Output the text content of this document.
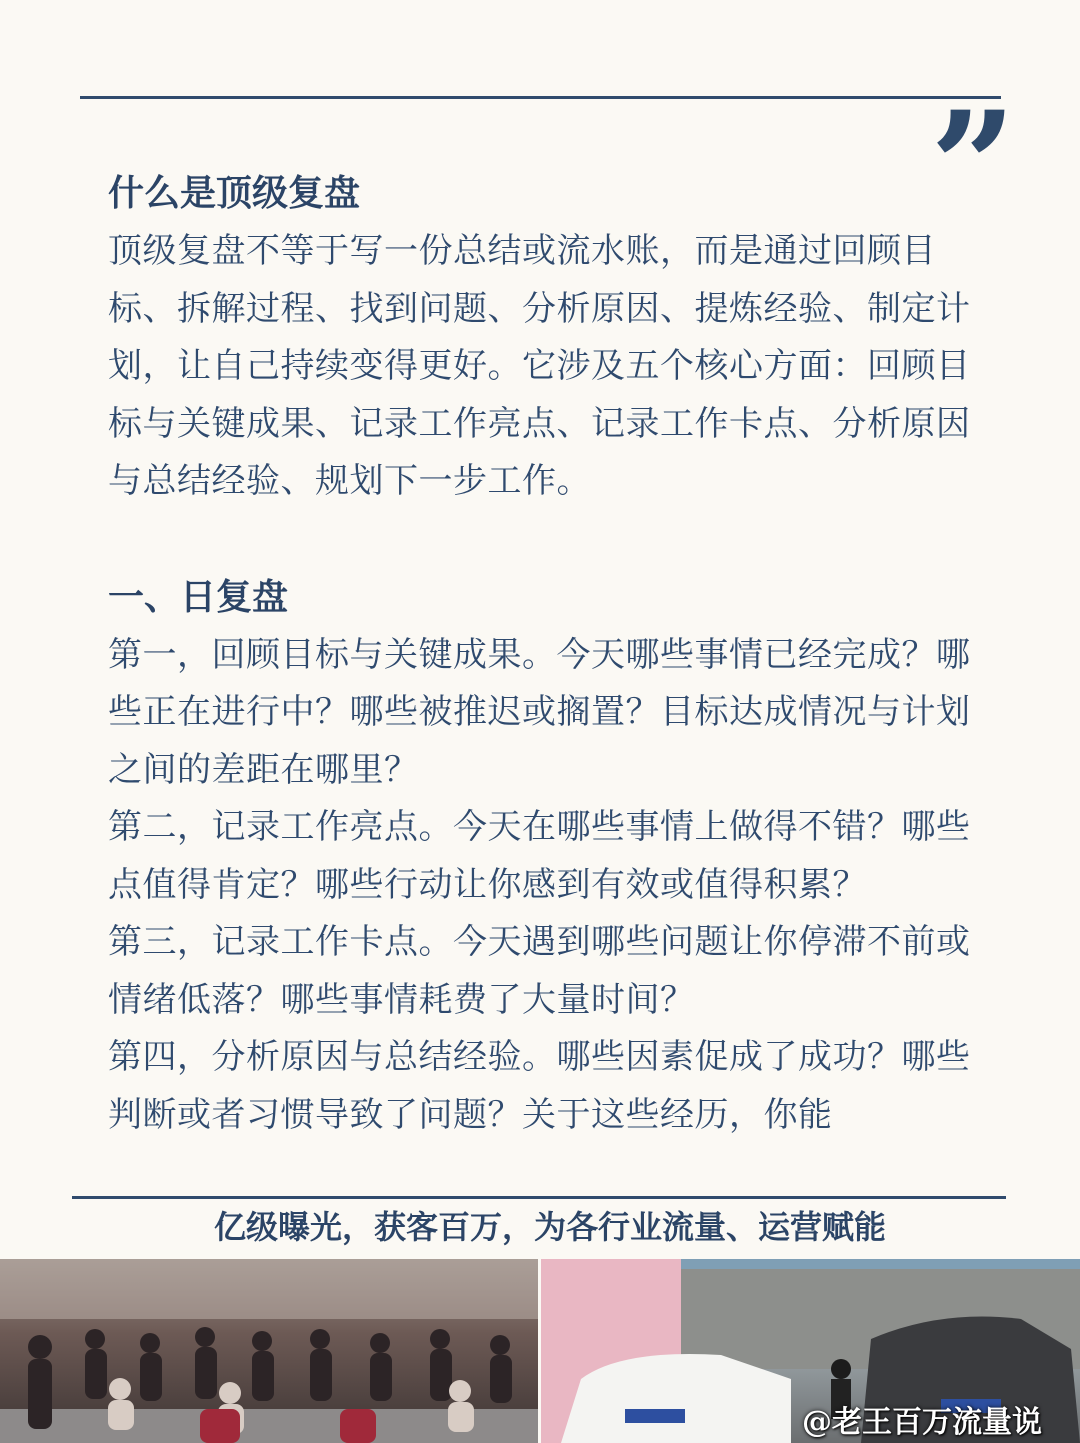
”
什么是顶级复盘

顶级复盘不等于写一份总结或流水账，而是通过回顾目标、拆解过程、找到问题、分析原因、提炼经验、制定计划，让自己持续变得更好。它涉及五个核心方面：回顾目标与关键成果、记录工作亮点、记录工作卡点、分析原因与总结经验、规划下一步工作。

一、日复盘

第一，回顾目标与关键成果。今天哪些事情已经完成？哪些正在进行中？哪些被推迟或搁置？目标达成情况与计划之间的差距在哪里？

第二，记录工作亮点。今天在哪些事情上做得不错？哪些点值得肯定？哪些行动让你感到有效或值得积累？

第三，记录工作卡点。今天遇到哪些问题让你停滞不前或情绪低落？哪些事情耗费了大量时间？

第四，分析原因与总结经验。哪些因素促成了成功？哪些判断或者习惯导致了问题？关于这些经历，你能

亿级曝光，获客百万，为各行业流量、运营赋能
@老王百万流量说
